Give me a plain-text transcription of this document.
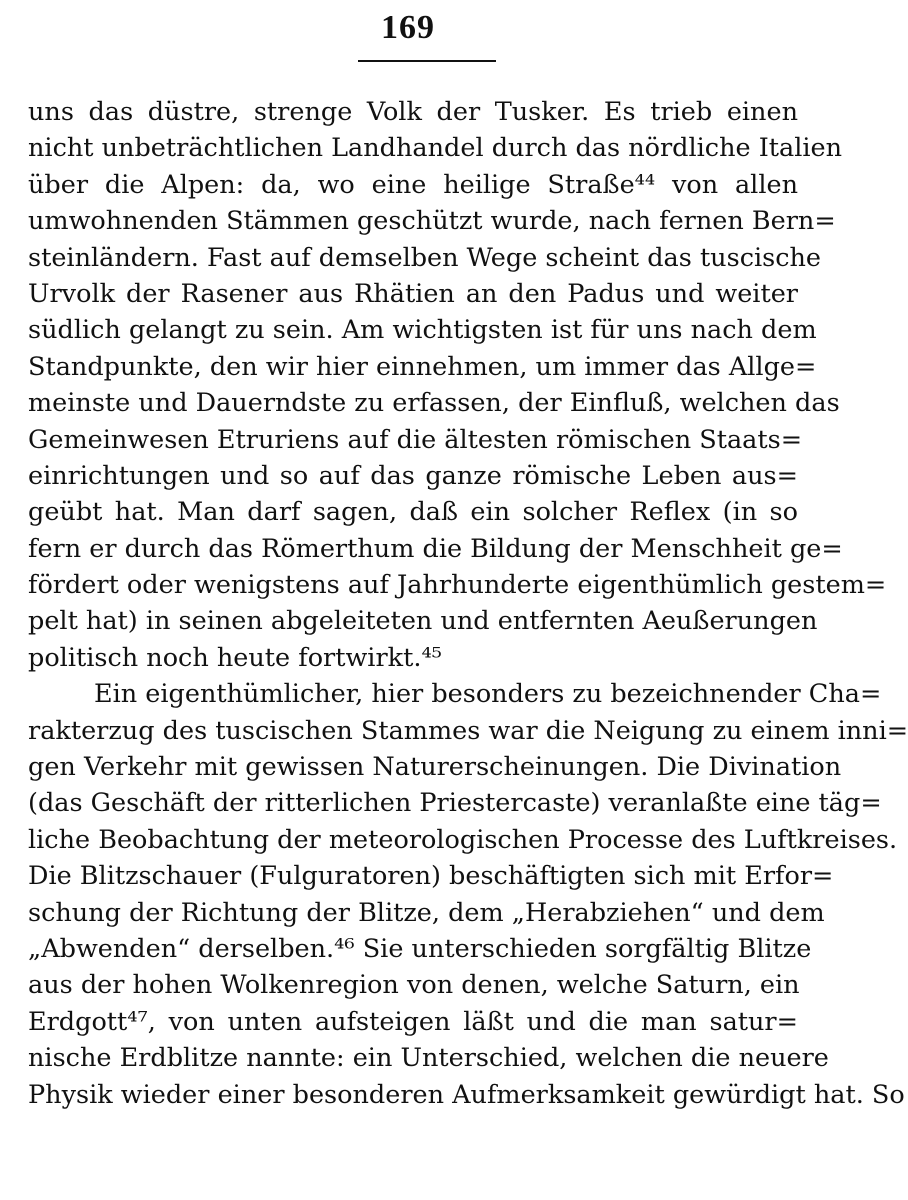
169
uns das düstre, strenge Volk der Tusker. Es trieb einen
nicht unbeträchtlichen Landhandel durch das nördliche Italien
über die Alpen: da, wo eine heilige Straße⁴⁴ von allen
umwohnenden Stämmen geschützt wurde, nach fernen Bern=
steinländern. Fast auf demselben Wege scheint das tuscische
Urvolk der Rasener aus Rhätien an den Padus und weiter
südlich gelangt zu sein. Am wichtigsten ist für uns nach dem
Standpunkte, den wir hier einnehmen, um immer das Allge=
meinste und Dauerndste zu erfassen, der Einfluß, welchen das
Gemeinwesen Etruriens auf die ältesten römischen Staats=
einrichtungen und so auf das ganze römische Leben aus=
geübt hat. Man darf sagen, daß ein solcher Reflex (in so
fern er durch das Römerthum die Bildung der Menschheit ge=
fördert oder wenigstens auf Jahrhunderte eigenthümlich gestem=
pelt hat) in seinen abgeleiteten und entfernten Aeußerungen
politisch noch heute fortwirkt.⁴⁵
Ein eigenthümlicher, hier besonders zu bezeichnender Cha=
rakterzug des tuscischen Stammes war die Neigung zu einem inni=
gen Verkehr mit gewissen Naturerscheinungen. Die Divination
(das Geschäft der ritterlichen Priestercaste) veranlaßte eine täg=
liche Beobachtung der meteorologischen Processe des Luftkreises.
Die Blitzschauer (Fulguratoren) beschäftigten sich mit Erfor=
schung der Richtung der Blitze, dem „Herabziehen“ und dem
„Abwenden“ derselben.⁴⁶ Sie unterschieden sorgfältig Blitze
aus der hohen Wolkenregion von denen, welche Saturn, ein
Erdgott⁴⁷, von unten aufsteigen läßt und die man satur=
nische Erdblitze nannte: ein Unterschied, welchen die neuere
Physik wieder einer besonderen Aufmerksamkeit gewürdigt hat. So
